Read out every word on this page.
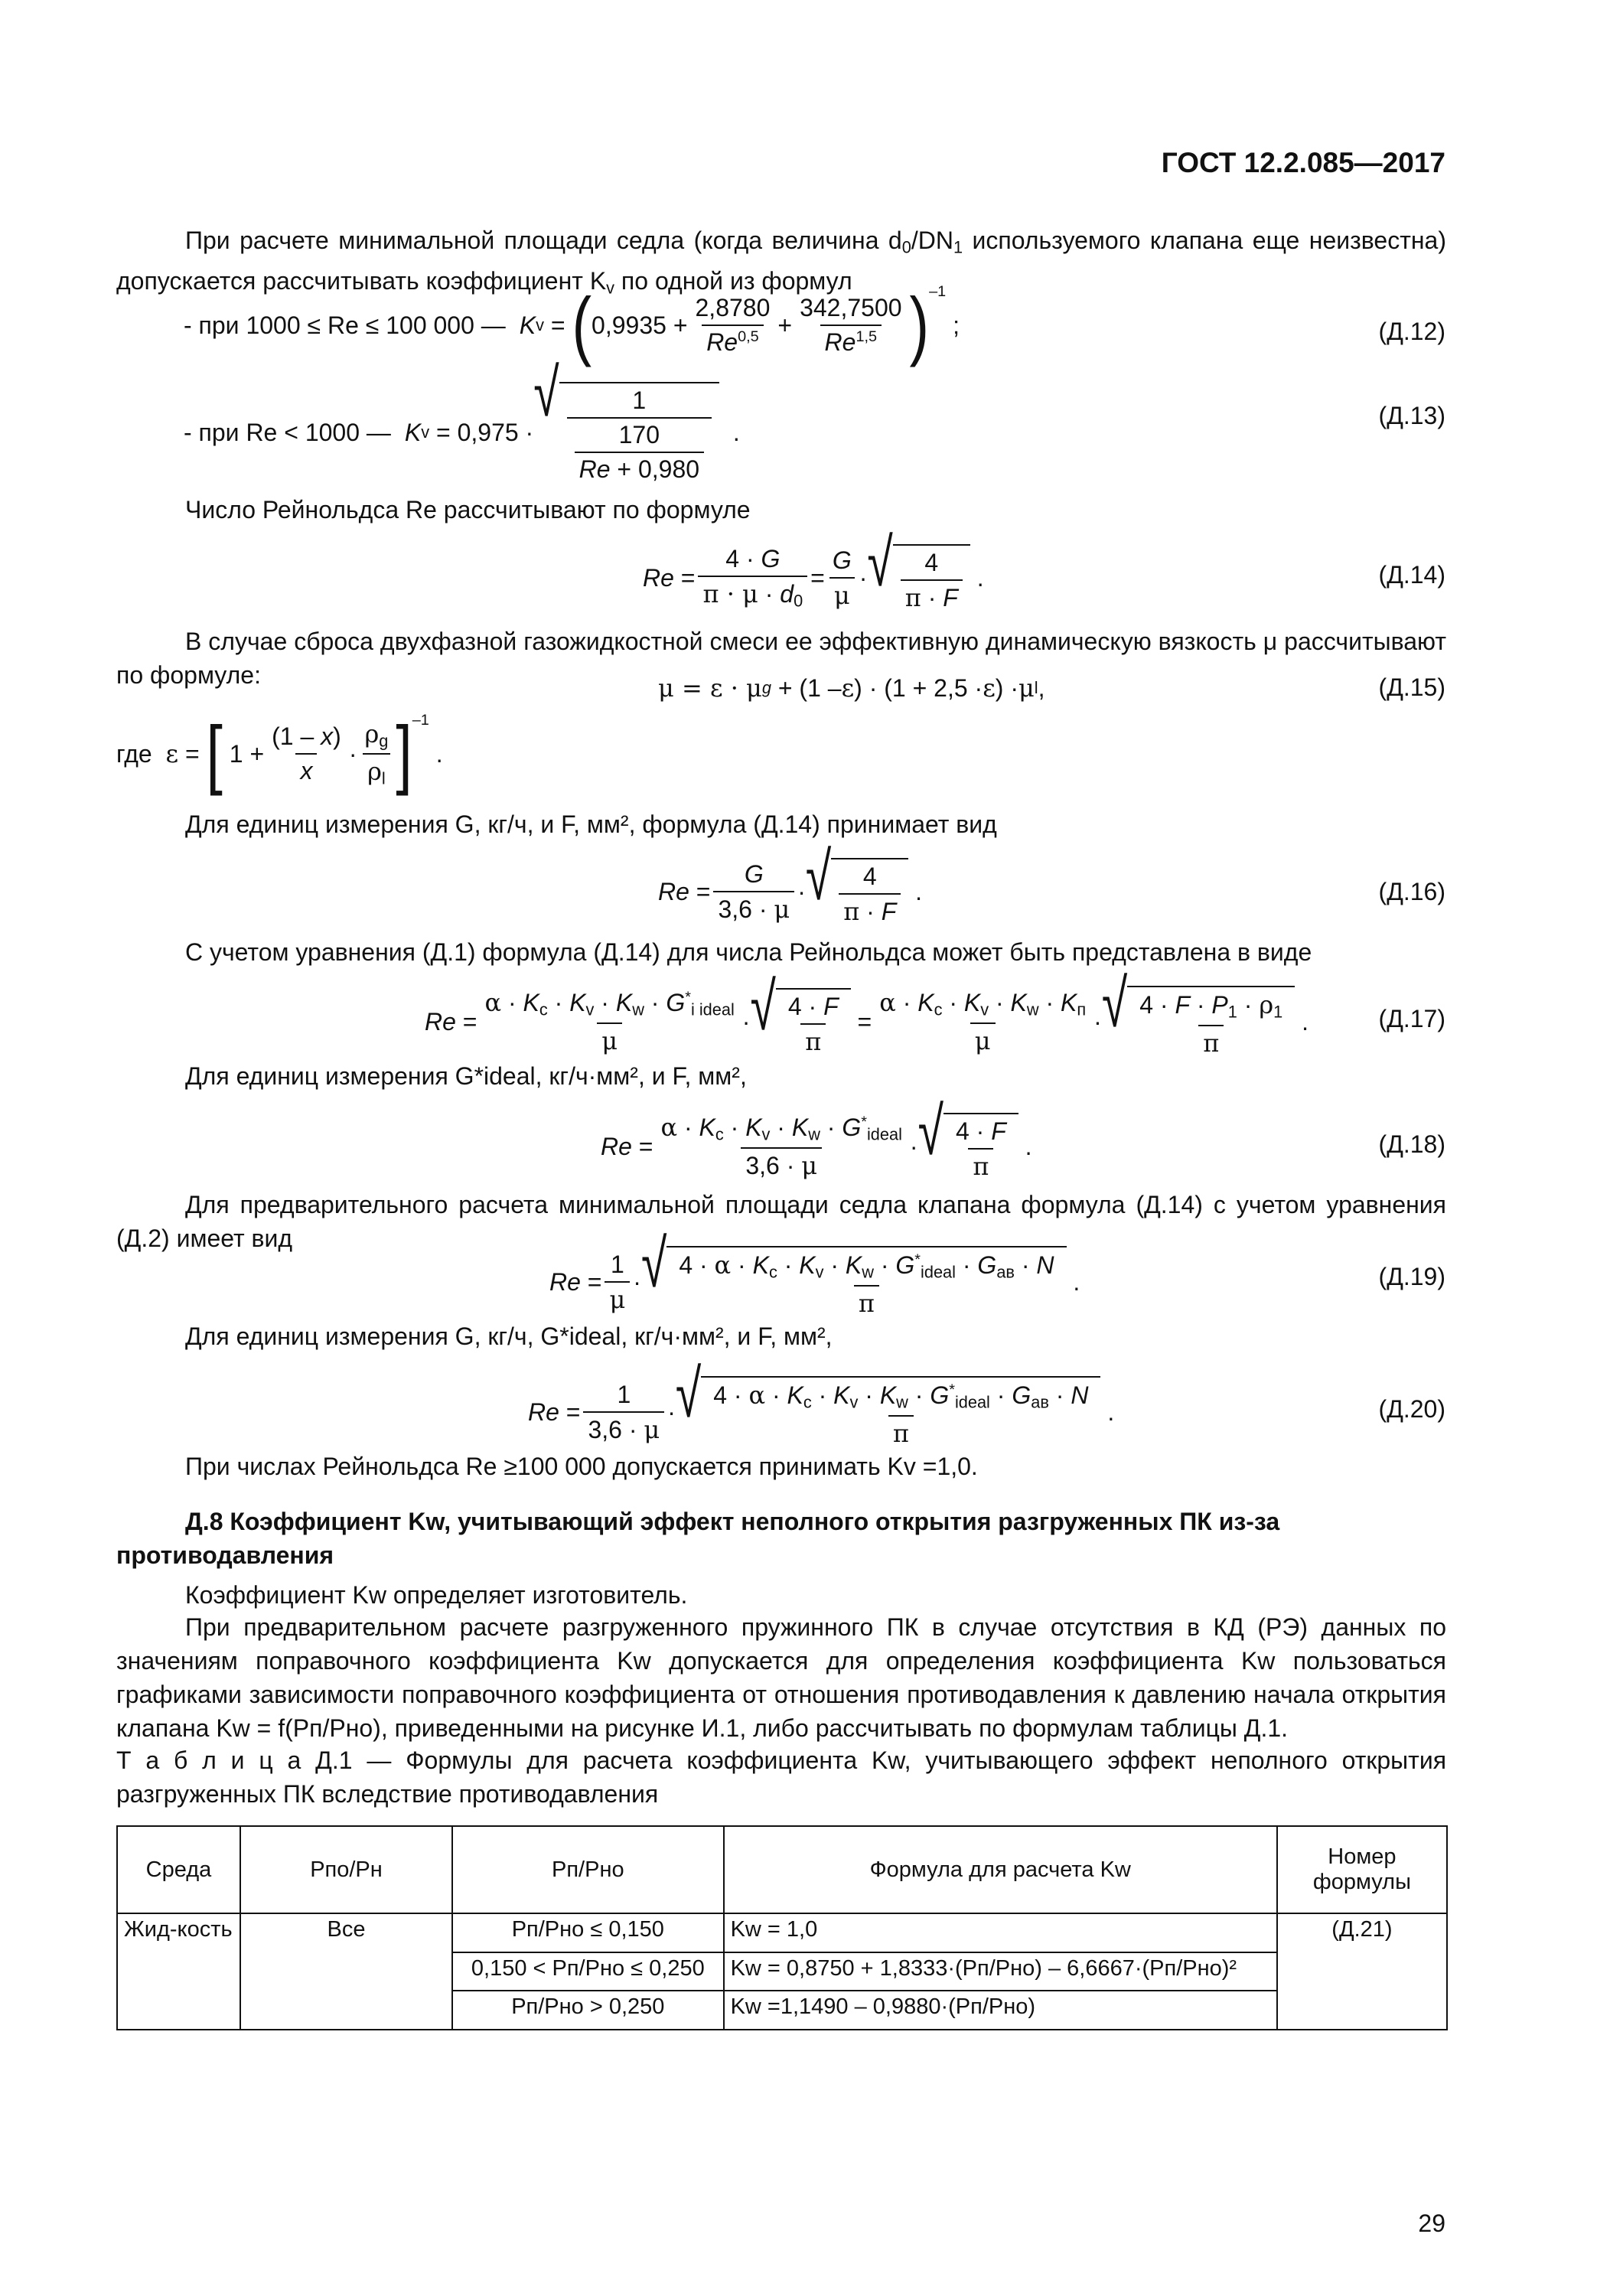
ГОСТ 12.2.085—2017
При расчете минимальной площади седла (когда величина $d_0/DN_1$ используемого клапана еще неизвестна) допускается рассчитывать коэффициент $K_v$ по одной из формул
- при 1000 ≤ Re ≤ 100 000 — K v = ( $0,9935 + \frac{2,8780}{Re^{0,5}} + \frac{342,7500}{Re^{1,5}} )^{-1}$
;	(Д.12)
- при Re < 1000 — K v = 0,975 ·
√ $\frac{1}{\frac{170}{Re + 0,980}}$ .
(Д.13)
Число Рейнольдса Re рассчитывают по формуле
$Re = \frac{4 \cdot G}{\pi \cdot \mu \cdot d_0} = \frac{G}{\mu}$ · √ $\frac{4}{\pi \cdot F}$ .	(Д.14)
В случае сброса двухфазной газожидкостной смеси ее эффективную динамическую вязкость μ рассчитывают по формуле:	μ = ε · μ g + (1 – ε ) · (1 + 2,5 · ε ) · μ l ,	(Д.15)
где
ε = [ $1 + \frac{(1 - x)}{x} \cdot \frac{\rho_g}{\rho_l} ]^{-1}$
.
Для единиц измерения G, кг/ч, и F, мм², формула (Д.14) принимает вид
$Re = \frac{G}{3,6 \cdot \mu}$ · √ $\frac{4}{\pi \cdot F}$ .	(Д.16)
С учетом уравнения (Д.1) формула (Д.14) для числа Рейнольдса может быть представлена в виде
$Re = \frac{\alpha \cdot K_c \cdot K_v \cdot K_w \cdot G^*_{i ideal}}{\mu}$ · √ $\frac{4 \cdot F}{\pi} = \frac{\alpha \cdot K_c \cdot K_v \cdot K_w \cdot K_п}{\mu}$ · √ $\frac{4 \cdot F \cdot P_1 \cdot \rho_1}{\pi}$ .	(Д.17)
Для единиц измерения G*ideal, кг/ч·мм², и F, мм²,
$Re = \frac{\alpha \cdot K_c \cdot K_v \cdot K_w \cdot G^*_{ideal}}{3,6 \cdot \mu}$ · √ $\frac{4 \cdot F}{\pi}$ .	(Д.18)
Для предварительного расчета минимальной площади седла клапана формула (Д.14) с учетом уравнения (Д.2) имеет вид
$Re = \frac{1}{\mu}$ · √ $\frac{4 \cdot \alpha \cdot K_c \cdot K_v \cdot K_w \cdot G^*_{ideal} \cdot G_{ав} \cdot N}{\pi}$ .	(Д.19)
Для единиц измерения G, кг/ч, G*ideal, кг/ч·мм², и F, мм²,
$Re = \frac{1}{3,6 \cdot \mu}$ · √ $\frac{4 \cdot \alpha \cdot K_c \cdot K_v \cdot K_w \cdot G^*_{ideal} \cdot G_{ав} \cdot N}{\pi}$ .	(Д.20)
При числах Рейнольдса Re ≥100 000 допускается принимать Kv =1,0.
Д.8 Коэффициент Kw, учитывающий эффект неполного открытия разгруженных ПК из-за противодавления
Коэффициент Kw определяет изготовитель.
При предварительном расчете разгруженного пружинного ПК в случае отсутствия в КД (РЭ) данных по значениям поправочного коэффициента Kw допускается для определения коэффициента Kw пользоваться графиками зависимости поправочного коэффициента от отношения противодавления к давлению начала открытия клапана Kw = f(Pп/Pно), приведенными на рисунке И.1, либо рассчитывать по формулам таблицы Д.1.
Т а б л и ц а Д.1 — Формулы для расчета коэффициента Kw, учитывающего эффект неполного открытия разгруженных ПК вследствие противодавления
Среда	Pпо/Pн	Pп/Pно	Формула для расчета Kw	Номер формулы
Жид-кость	Все	Pп/Pно ≤ 0,150	Kw = 1,0	(Д.21)
		0,150 < Pп/Pно ≤ 0,250	Kw = 0,8750 + 1,8333·(Pп/Pно) – 6,6667·(Pп/Pно)²	
		Pп/Pно > 0,250	Kw =1,1490 – 0,9880·(Pп/Pно)	
29
